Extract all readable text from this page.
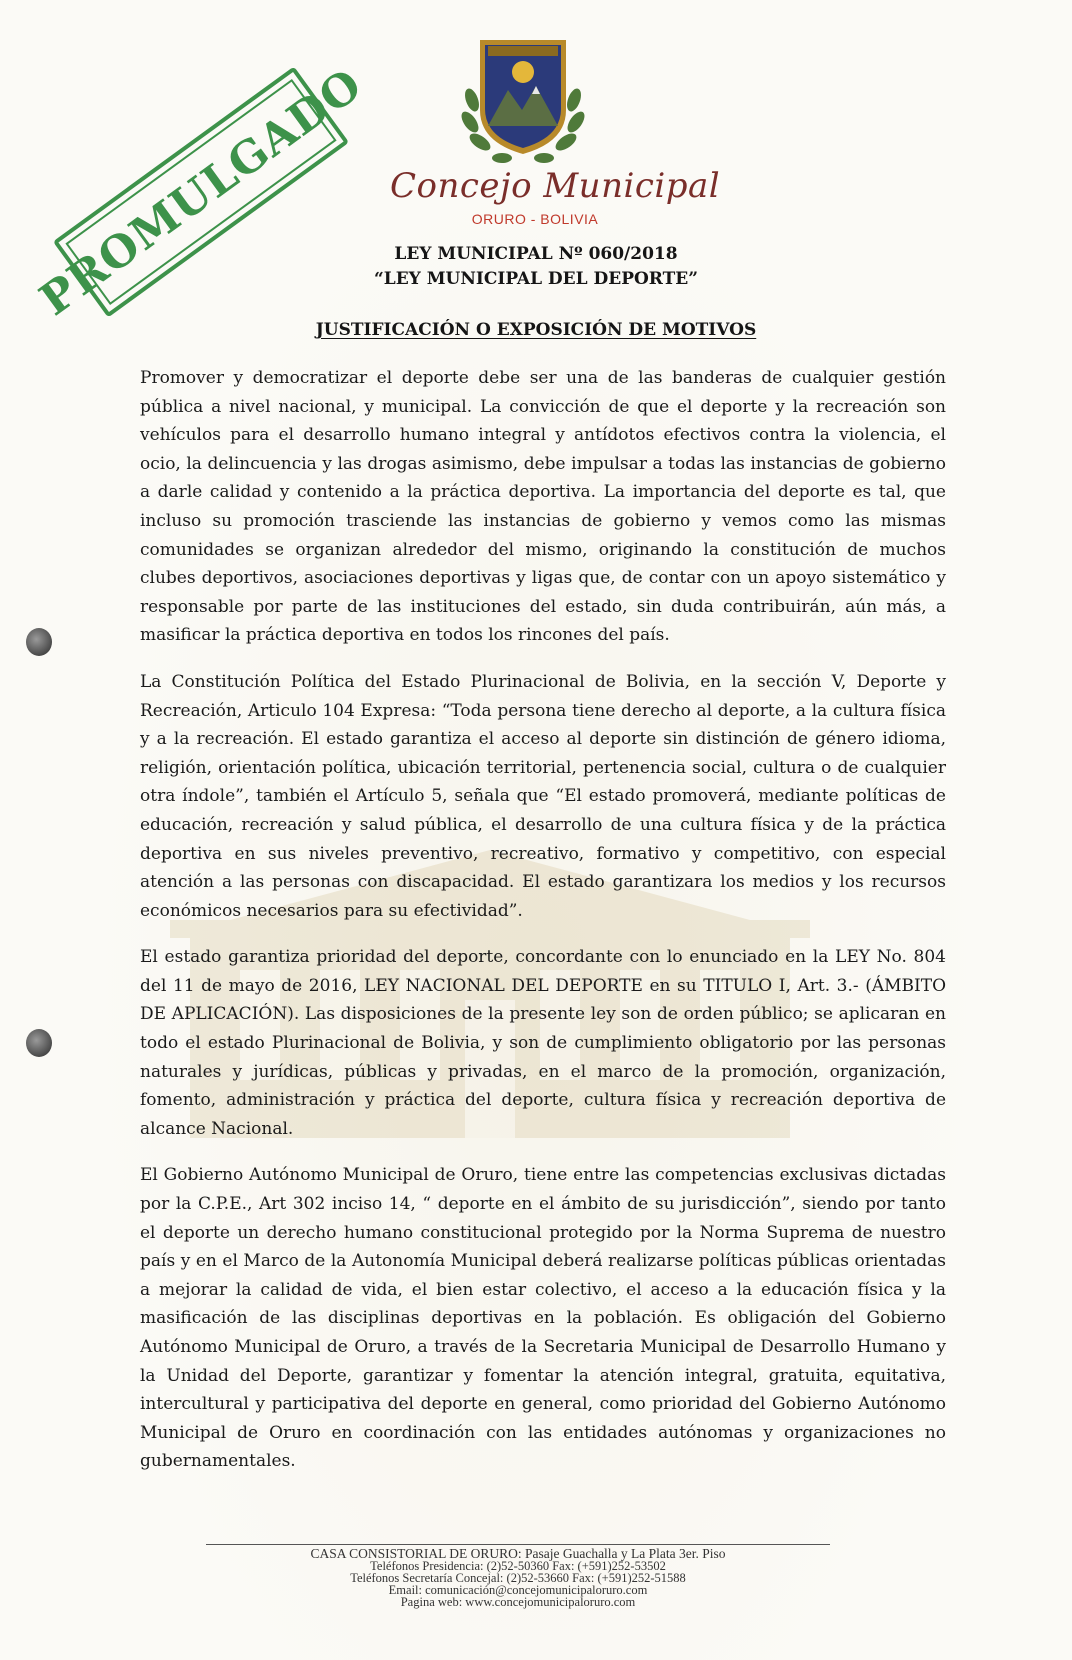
Concejo Municipal
ORURO - BOLIVIA
PROMULGADO	LEY MUNICIPAL Nº 060/2018
“LEY MUNICIPAL DEL DEPORTE”
JUSTIFICACIÓN O EXPOSICIÓN DE MOTIVOS

Promover y democratizar el deporte debe ser una de las banderas de cualquier gestión pública a nivel nacional, y municipal. La convicción de que el deporte y la recreación son vehículos para el desarrollo humano integral y antídotos efectivos contra la violencia, el ocio, la delincuencia y las drogas asimismo, debe impulsar a todas las instancias de gobierno a darle calidad y contenido a la práctica deportiva. La importancia del deporte es tal, que incluso su promoción trasciende las instancias de gobierno y vemos como las mismas comunidades se organizan alrededor del mismo, originando la constitución de muchos clubes deportivos, asociaciones deportivas y ligas que, de contar con un apoyo sistemático y responsable por parte de las instituciones del estado, sin duda contribuirán, aún más, a masificar la práctica deportiva en todos los rincones del país.

La Constitución Política del Estado Plurinacional de Bolivia, en la sección V, Deporte y Recreación, Articulo 104 Expresa: “Toda persona tiene derecho al deporte, a la cultura física y a la recreación. El estado garantiza el acceso al deporte sin distinción de género idioma, religión, orientación política, ubicación territorial, pertenencia social, cultura o de cualquier otra índole”, también el Artículo 5, señala que “El estado promoverá, mediante políticas de educación, recreación y salud pública, el desarrollo de una cultura física y de la práctica deportiva en sus niveles preventivo, recreativo, formativo y competitivo, con especial atención a las personas con discapacidad. El estado garantizara los medios y los recursos económicos necesarios para su efectividad”.

El estado garantiza prioridad del deporte, concordante con lo enunciado en la LEY No. 804 del 11 de mayo de 2016, LEY NACIONAL DEL DEPORTE en su TITULO I, Art. 3.- (ÁMBITO DE APLICACIÓN). Las disposiciones de la presente ley son de orden público; se aplicaran en todo el estado Plurinacional de Bolivia, y son de cumplimiento obligatorio por las personas naturales y jurídicas, públicas y privadas, en el marco de la promoción, organización, fomento, administración y práctica del deporte, cultura física y recreación deportiva de alcance Nacional.

El Gobierno Autónomo Municipal de Oruro, tiene entre las competencias exclusivas dictadas por la C.P.E., Art 302 inciso 14, “ deporte en el ámbito de su jurisdicción”, siendo por tanto el deporte un derecho humano constitucional protegido por la Norma Suprema de nuestro país y en el Marco de la Autonomía Municipal deberá realizarse políticas públicas orientadas a mejorar la calidad de vida, el bien estar colectivo, el acceso a la educación física y la masificación de las disciplinas deportivas en la población. Es obligación del Gobierno Autónomo Municipal de Oruro, a través de la Secretaria Municipal de Desarrollo Humano y la Unidad del Deporte, garantizar y fomentar la atención integral, gratuita, equitativa, intercultural y participativa del deporte en general, como prioridad del Gobierno Autónomo Municipal de Oruro en coordinación con las entidades autónomas y organizaciones no gubernamentales.

CASA CONSISTORIAL DE ORURO: Pasaje Guachalla y La Plata 3er. Piso
Teléfonos Presidencia: (2)52-50360 Fax: (+591)252-53502
Teléfonos Secretaría Concejal: (2)52-53660 Fax: (+591)252-51588
Email: comunicación@concejomunicipaloruro.com
Pagina web: www.concejomunicipaloruro.com
